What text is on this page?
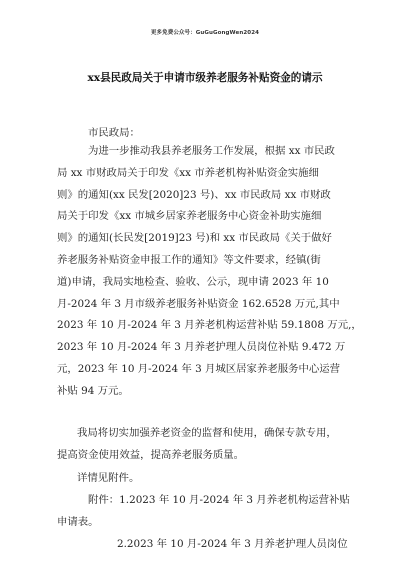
更多免费公众号：GuGuGongWen2024
xx县民政局关于申请市级养老服务补贴资金的请示
市民政局：
为进一步推动我县养老服务工作发展，根据 xx 市民政
局 xx 市财政局关于印发《xx 市养老机构补贴资金实施细
则》的通知(xx 民发[2020]23 号)、xx 市民政局 xx 市财政
局关于印发《xx 市城乡居家养老服务中心资金补助实施细
则》的通知(长民发[2019]23 号)和 xx 市民政局《关于做好
养老服务补贴资金申报工作的通知》等文件要求，经镇(街
道)申请，我局实地检查、验收、公示，现申请 2023 年 10
月-2024 年 3 月市级养老服务补贴资金 162.6528 万元,其中
2023 年 10 月-2024 年 3 月养老机构运营补贴 59.1808 万元,，
2023 年 10 月-2024 年 3 月养老护理人员岗位补贴 9.472 万
元，2023 年 10 月-2024 年 3 月城区居家养老服务中心运营
补贴 94 万元。
我局将切实加强养老资金的监督和使用，确保专款专用，
提高资金使用效益，提高养老服务质量。
详情见附件。
附件：1.2023 年 10 月-2024 年 3 月养老机构运营补贴
申请表。
2.2023 年 10 月-2024 年 3 月养老护理人员岗位
